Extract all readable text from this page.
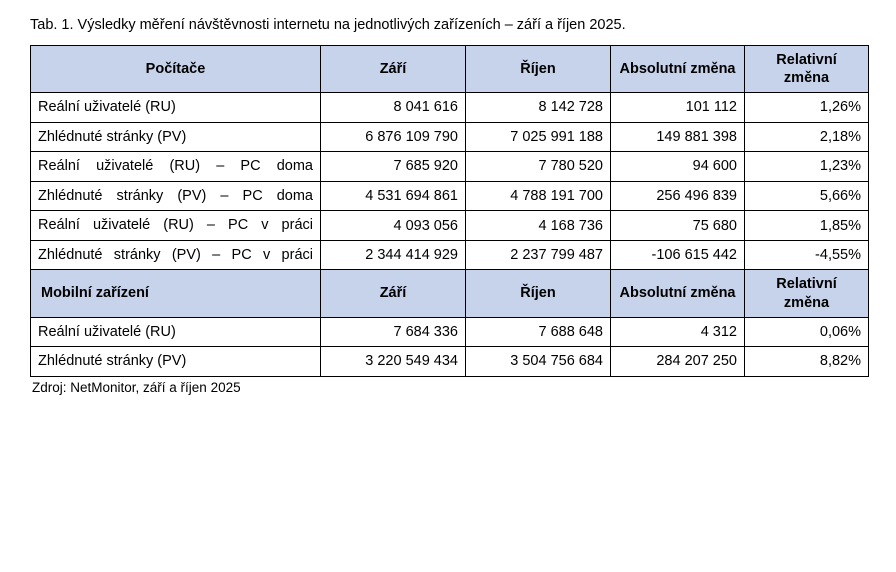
Tab. 1. Výsledky měření návštěvnosti internetu na jednotlivých zařízeních – září a říjen 2025.
Počítače	Září	Říjen	Absolutní změna	Relativní změna
Reální uživatelé (RU)	8 041 616	8 142 728	101 112	1,26%
Zhlédnuté stránky (PV)	6 876 109 790	7 025 991 188	149 881 398	2,18%
Reální uživatelé (RU) – PC doma	7 685 920	7 780 520	94 600	1,23%
Zhlédnuté stránky (PV) – PC doma	4 531 694 861	4 788 191 700	256 496 839	5,66%
Reální uživatelé (RU) – PC v práci	4 093 056	4 168 736	75 680	1,85%
Zhlédnuté stránky (PV) – PC v práci	2 344 414 929	2 237 799 487	-106 615 442	-4,55%
Mobilní zařízení	Září	Říjen	Absolutní změna	Relativní změna
Reální uživatelé (RU)	7 684 336	7 688 648	4 312	0,06%
Zhlédnuté stránky (PV)	3 220 549 434	3 504 756 684	284 207 250	8,82%
Zdroj: NetMonitor, září a říjen 2025
